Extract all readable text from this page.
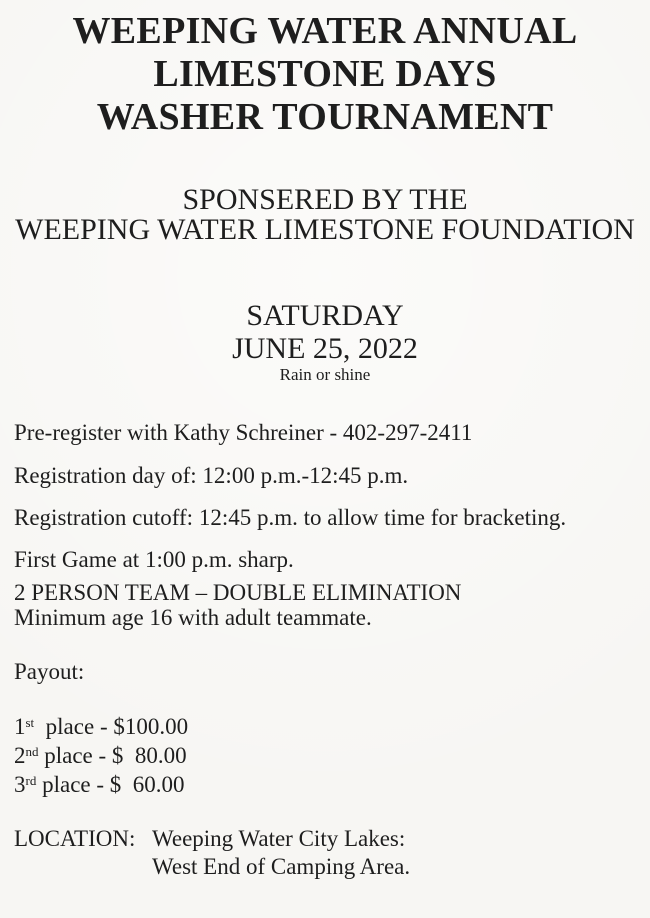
WEEPING WATER ANNUAL
LIMESTONE DAYS
WASHER TOURNAMENT
SPONSERED BY THE
WEEPING WATER LIMESTONE FOUNDATION
SATURDAY
JUNE 25, 2022
Rain or shine

Pre-register with Kathy Schreiner - 402-297-2411

Registration day of: 12:00 p.m.-12:45 p.m.

Registration cutoff: 12:45 p.m. to allow time for bracketing.

First Game at 1:00 p.m. sharp.

2 PERSON TEAM – DOUBLE ELIMINATION
Minimum age 16 with adult teammate.
Payout:
1st  place - $100.00
2nd place - $  80.00
3rd place - $  60.00
LOCATION: Weeping Water City Lakes:
West End of Camping Area.
